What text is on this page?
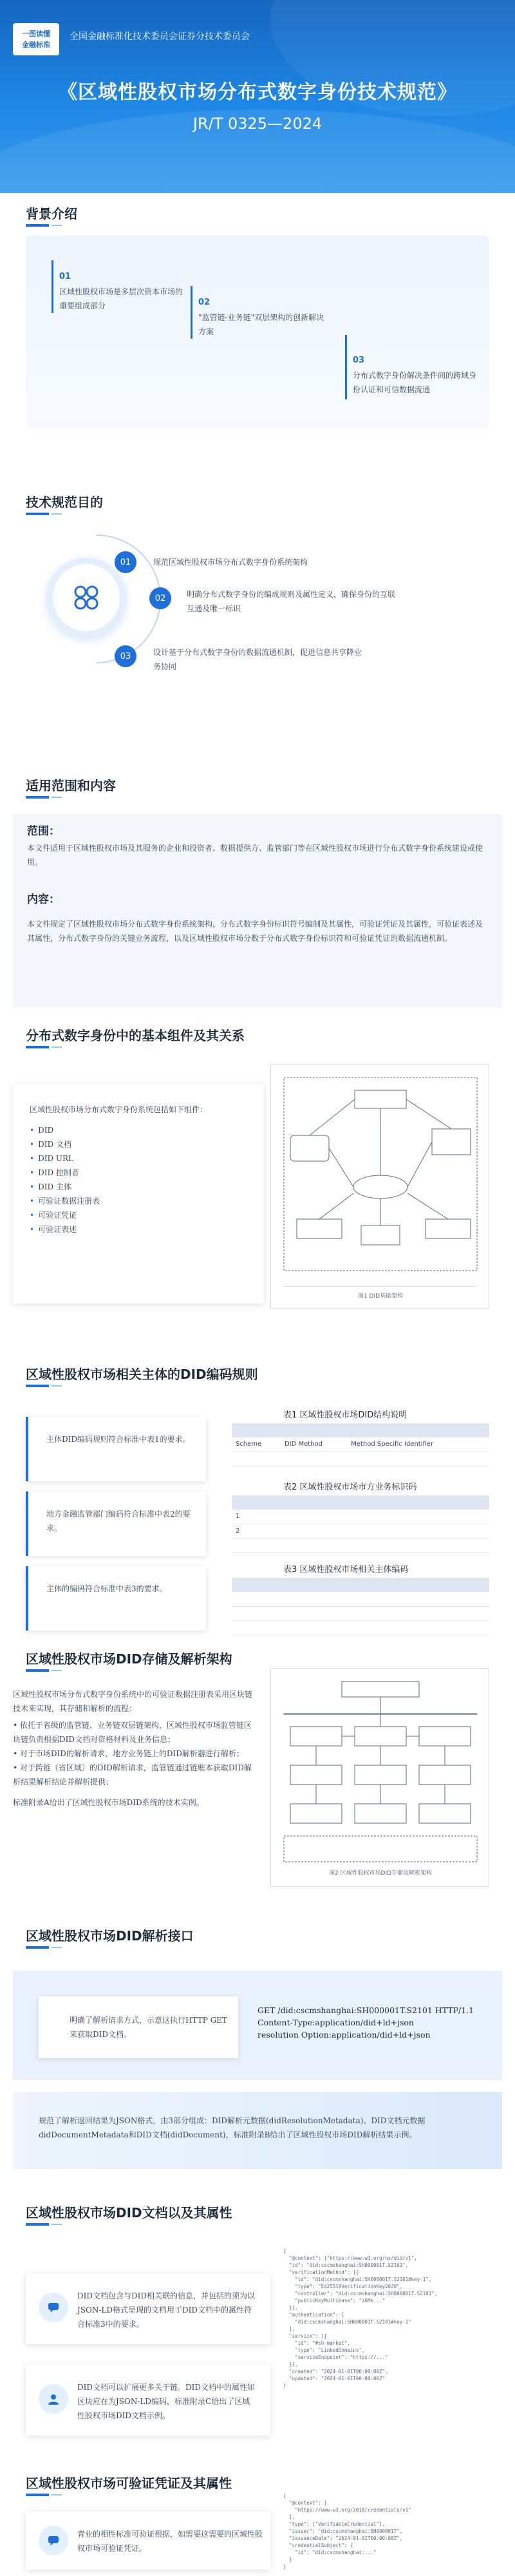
一图读懂
金融标准
全国金融标准化技术委员会证券分技术委员会
《区域性股权市场分布式数字身份技术规范》
JR/T 0325—2024
背景介绍
01
区域性股权市场是多层次资本市场的重要组成部分	02
"监管链-业务链"双层架构的创新解决方案
03
分布式数字身份解决条件间的跨域身份认证和可信数据流通
技术规范目的
01
02
03
规范区域性股权市场分布式数字身份系统架构
明确分布式数字身份的编成规则及属性定义，确保身份的互联互通及唯一标识
设计基于分布式数字身份的数据流通机制，促进信息共享降业务协同
适用范围和内容
范围：
本文件适用于区域性股权市场及其服务的企业和投资者、数据提供方、监管部门等在区域性股权市场进行分布式数字身份系统建设或使用。
内容：
本文件规定了区域性股权市场分布式数字身份系统架构，分布式数字身份标识符号编制及其属性，可验证凭证及其属性，可验证表述及其属性，分布式数字身份的关键业务流程，以及区域性股权市场分数于分布式数字身份标识符和可验证凭证的数据流通机制。
分布式数字身份中的基本组件及其关系
区域性股权市场分布式数字身份系统包括如下组件：
• DID
• DID 文档
• DID URL
• DID 控制者
• DID 主体
• 可验证数据注册表
• 可验证凭证
• 可验证表述
图1 DID基础架构
区域性股权市场相关主体的DID编码规则
主体DID编码规则符合标准中表1的要求。
地方金融监管部门编码符合标准中表2的要求。
主体的编码符合标准中表3的要求。
表1 区域性股权市场DID结构说明

Scheme	DID Method	Method Specific Identifier	

表2 区域性股权市场市方业务标识码

1			
2			

表3 区域性股权市场相关主体编码

区域性股权市场DID存储及解析架构
区域性股权市场分布式数字身份系统中的可验证数据注册表采用区块链技术来实现，其存储和解析的流程：
• 依托于省级的监管链、业务链双层链架构，区域性股权市场监管链区块链负责根据DID文档对资格材料及业务信息；
• 对于市场DID的解析请求，地方业务链上的DID解析器进行解析；
• 对于跨链（省区域）的DID解析请求，监管链通过链账本获取DID解析结果解析结论并解析提供；
标准附录A给出了区域性股权市场DID系统的技术实例。
图2 区域性股权市场DID存储及解析架构
区域性股权市场DID解析接口
明确了解析请求方式，示意这执行HTTP GET来获取DID文档。
GET /did:cscmshanghai:SH000001T.S2101 HTTP/1.1
Content-Type:application/did+ld+json
resolution Option:application/did+ld+json
规范了解析返回结果为JSON格式，由3部分组成：DID解析元数据(didResolutionMetadata)、DID文档元数据didDocumentMetadata和DID文档(didDocument)，标准附录B给出了区域性股权市场DID解析结果示例。
区域性股权市场DID文档以及其属性
DID文档包含与DID相关联的信息，并包括的须为以JSON-LD格式呈现的文档用于DID文档中的属性符合标准3中的要求。
DID文档可以扩展更多关于链。DID文档中的属性如区块应在为JSON-LD编码，标准附录C给出了区域性股权市场DID文档示例。
{
"@context": ["https://www.w3.org/ns/did/v1",
"id": "did:cscmshanghai:SH000001T.S2101",
"verificationMethod": [{
"id": "did:cscmshanghai:SH000001T.S2101#key-1",
"type": "Ed25519VerificationKey2020",
"controller": "did:cscmshanghai:SH000001T.S2101",
"publicKeyMultibase": "z6Mk..."
}],
"authentication": [
"did:cscmshanghai:SH000001T.S2101#key-1"
],
"service": [{
"id": "#sh-market",
"type": "LinkedDomains",
"serviceEndpoint": "https://..."
}],
"created": "2024-01-01T00:00:00Z",
"updated": "2024-01-01T00:00:00Z"
}
区域性股权市场可验证凭证及其属性
青业的相性标准可验证根据，如需要这需要的区域性股权市场可验证凭证。
{
"@context": [
"https://www.w3.org/2018/credentials/v1"
],
"type": ["VerifiableCredential"],
"issuer": "did:cscmshanghai:SH000001T",
"issuanceDate": "2024-01-01T00:00:00Z",
"credentialSubject": {
"id": "did:cscmshanghai:..."
}
}
